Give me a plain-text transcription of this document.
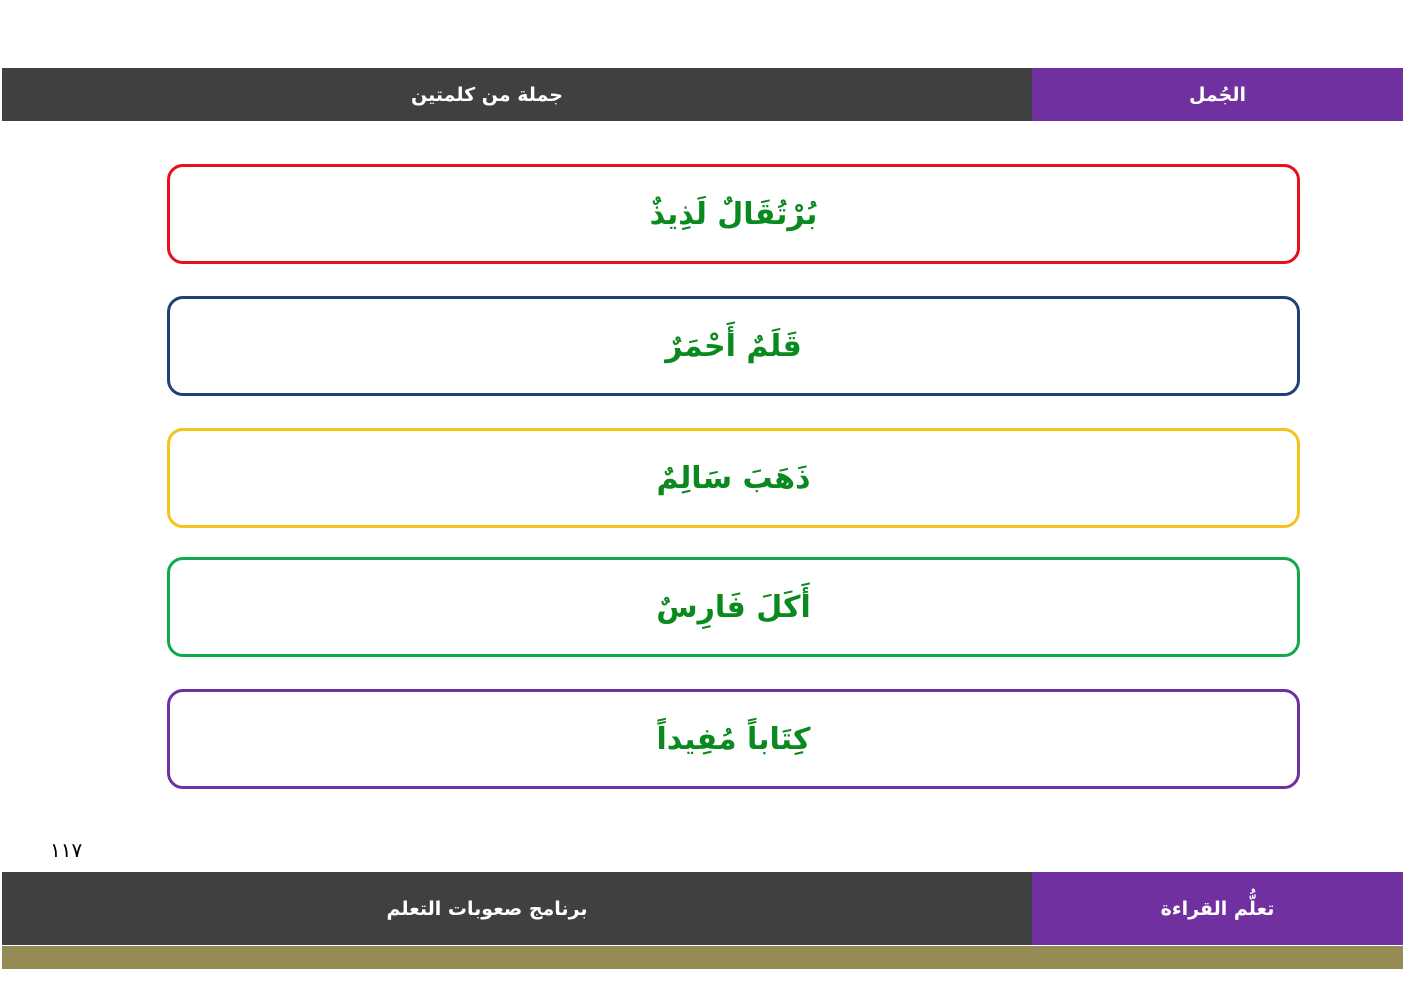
جملة من كلمتين	الجُمل
بُرْتُقَالٌ لَذِيذٌ
قَلَمٌ أَحْمَرٌ
ذَهَبَ سَالِمٌ
أَكَلَ فَارِسٌ
كِتَاباً مُفِيداً
١١٧
برنامج صعوبات التعلم	تعلُّم القراءة
